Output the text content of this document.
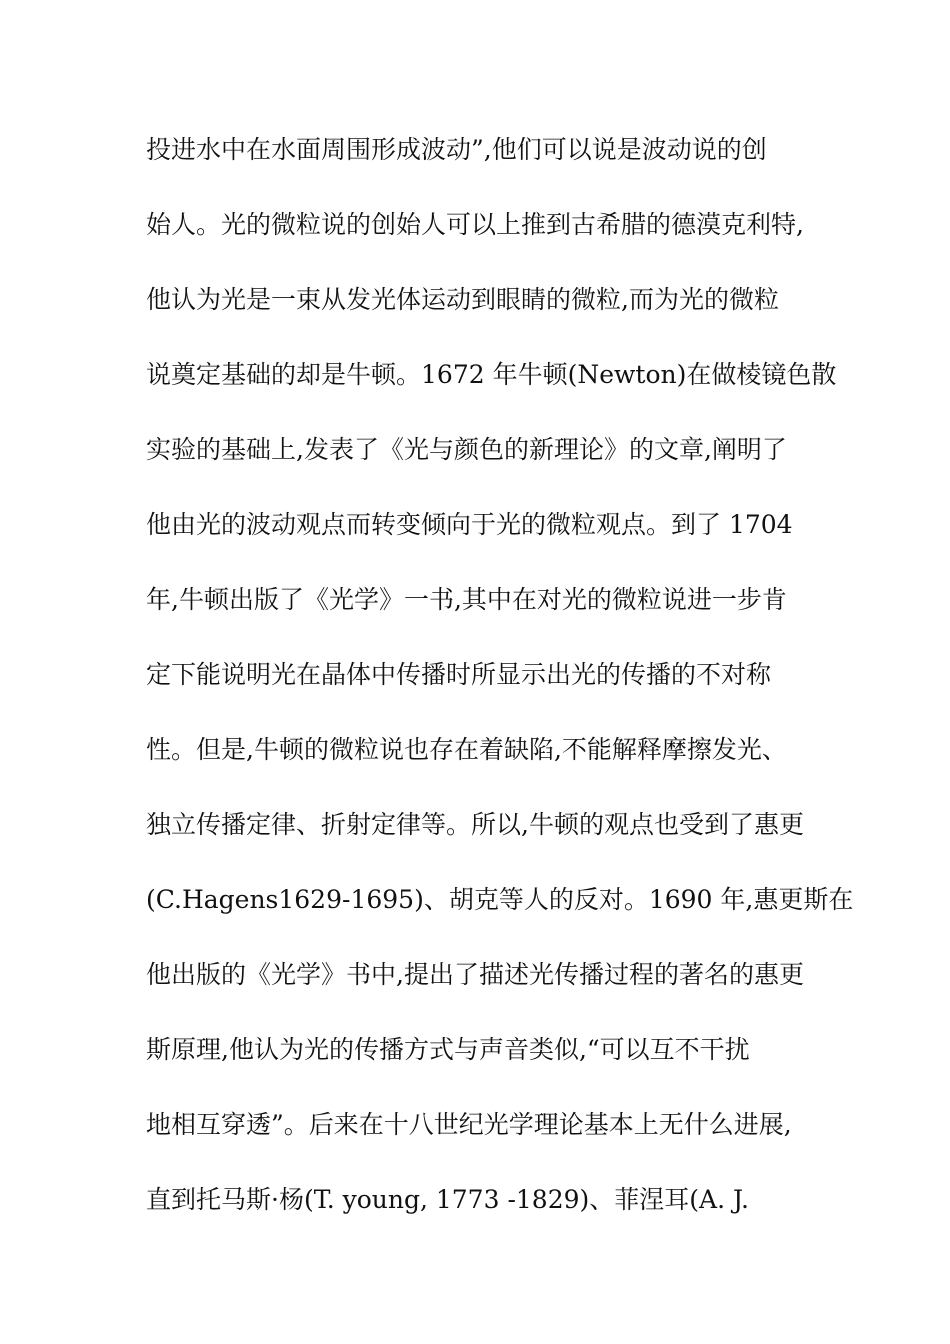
投进水中在水面周围形成波动”,他们可以说是波动说的创
始人。光的微粒说的创始人可以上推到古希腊的德漠克利特,
他认为光是一束从发光体运动到眼睛的微粒,而为光的微粒
说奠定基础的却是牛顿。1672 年牛顿(Newton)在做棱镜色散
实验的基础上,发表了《光与颜色的新理论》的文章,阐明了
他由光的波动观点而转变倾向于光的微粒观点。到了 1704
年,牛顿出版了《光学》一书,其中在对光的微粒说进一步肯
定下能说明光在晶体中传播时所显示出光的传播的不对称
性。但是,牛顿的微粒说也存在着缺陷,不能解释摩擦发光、
独立传播定律、折射定律等。所以,牛顿的观点也受到了惠更
(C.Hagens1629-1695)、胡克等人的反对。1690 年,惠更斯在
他出版的《光学》书中,提出了描述光传播过程的著名的惠更
斯原理,他认为光的传播方式与声音类似,“可以互不干扰
地相互穿透”。后来在十八世纪光学理论基本上无什么进展,
直到托马斯·杨(T. young, 1773 -1829)、菲涅耳(A. J.
